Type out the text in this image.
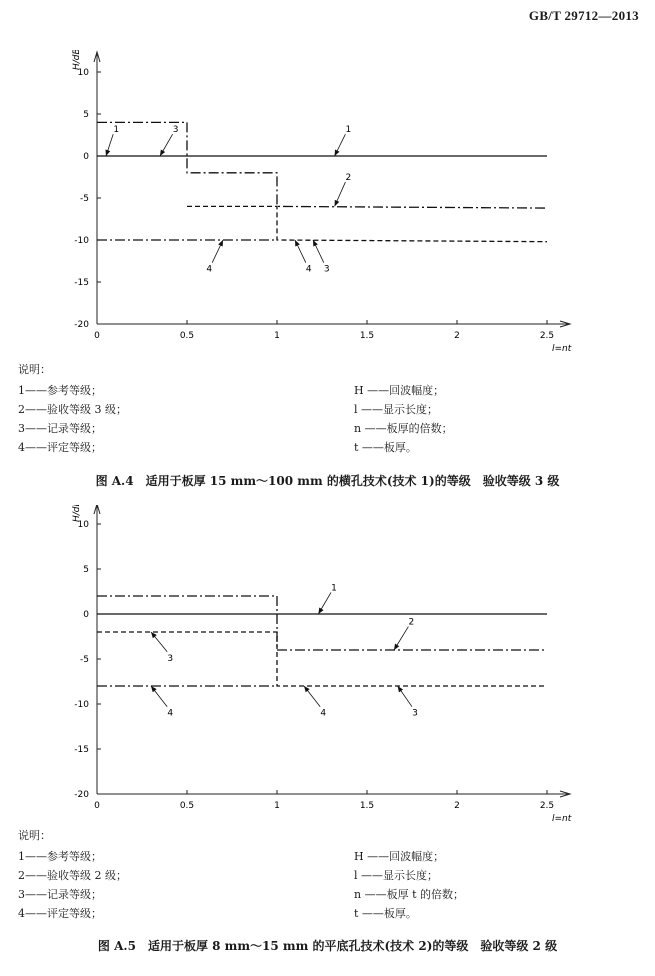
GB/T 29712—2013
H/dB
l=nt
10
5
0
-5
-10
-15
-20
0	0.5	1	1.5	2	2.5
1	3	1
2
4	4 3
说明：
1——参考等级；	H ——回波幅度；
2——验收等级 3 级；	l ——显示长度；
3——记录等级；	n ——板厚的倍数；
4——评定等级；	t ——板厚。
图 A.4　适用于板厚 15 mm～100 mm 的横孔技术(技术 1)的等级　验收等级 3 级
H/dB
l=nt
10
5
0
-5
-10
-15
-20
0	0.5	1	1.5	2	2.5
1
2
3
4	4	3
说明：
1——参考等级；	H ——回波幅度；
2——验收等级 2 级；	l ——显示长度；
3——记录等级；	n ——板厚 t 的倍数；
4——评定等级；	t ——板厚。
图 A.5　适用于板厚 8 mm～15 mm 的平底孔技术(技术 2)的等级　验收等级 2 级
